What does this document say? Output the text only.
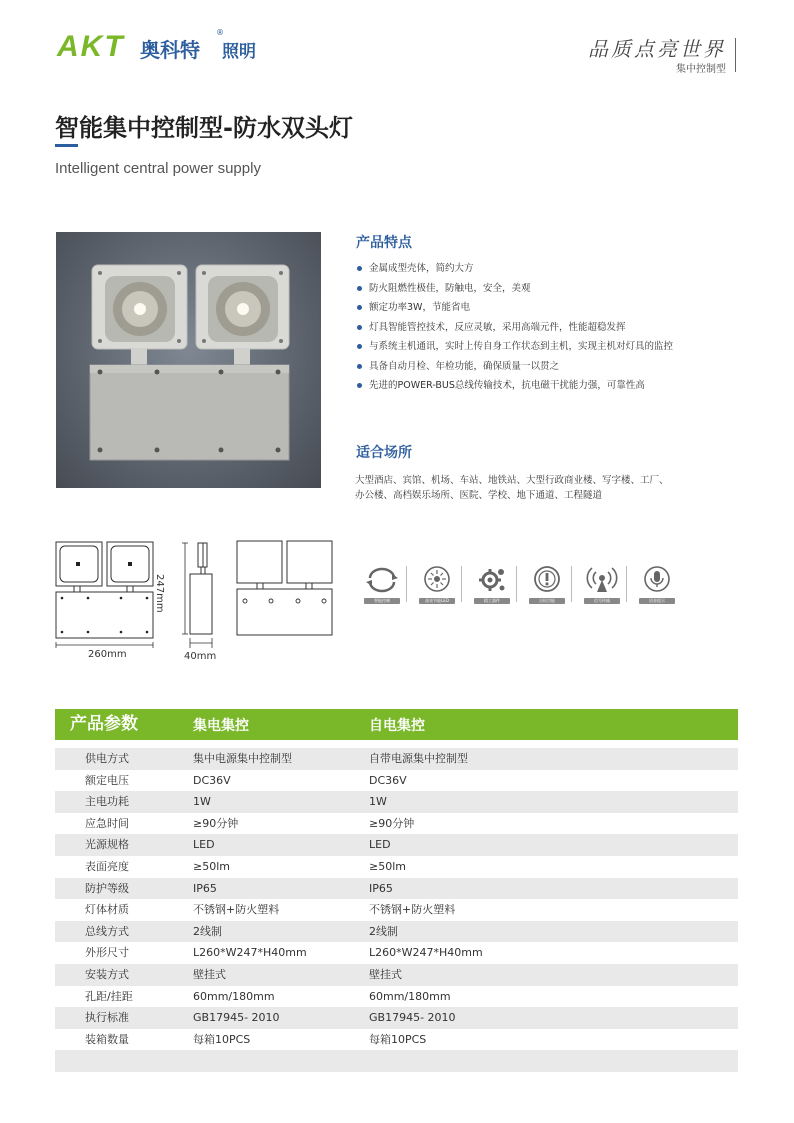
AKT 奥科特
®
照明	品质点亮世界
集中控制型
智能集中控制型-防水双头灯
Intelligent central power supply
产品特点
金属成型壳体，简约大方
防火阻燃性极佳，防触电，安全，美观
额定功率3W，节能省电
灯具智能管控技术，反应灵敏，采用高端元件，性能超稳发挥
与系统主机通讯，实时上传自身工作状态到主机，实现主机对灯具的监控
具备自动月检、年检功能，确保质量一以贯之
先进的POWER-BUS总线传输技术，抗电磁干扰能力强，可靠性高
适合场所
大型酒店、宾馆、机场、车站、地铁站、大型行政商业楼、写字楼、工厂、
办公楼、高档娱乐场所、医院、学校、地下通道、工程隧道
260mm
247mm
40mm
智能控制	高亮节能LED	精工器件	自检功能	信号传输	语音提示
产品参数	集电集控	自电集控
供电方式	集中电源集中控制型	自带电源集中控制型
额定电压	DC36V	DC36V
主电功耗	1W	1W
应急时间	≥90分钟	≥90分钟
光源规格	LED	LED
表面亮度	≥50lm	≥50lm
防护等级	IP65	IP65
灯体材质	不锈钢+防火塑料	不锈钢+防火塑料
总线方式	2线制	2线制
外形尺寸	L260*W247*H40mm	L260*W247*H40mm
安装方式	壁挂式	壁挂式
孔距/挂距	60mm/180mm	60mm/180mm
执行标准	GB17945- 2010	GB17945- 2010
装箱数量	每箱10PCS	每箱10PCS
